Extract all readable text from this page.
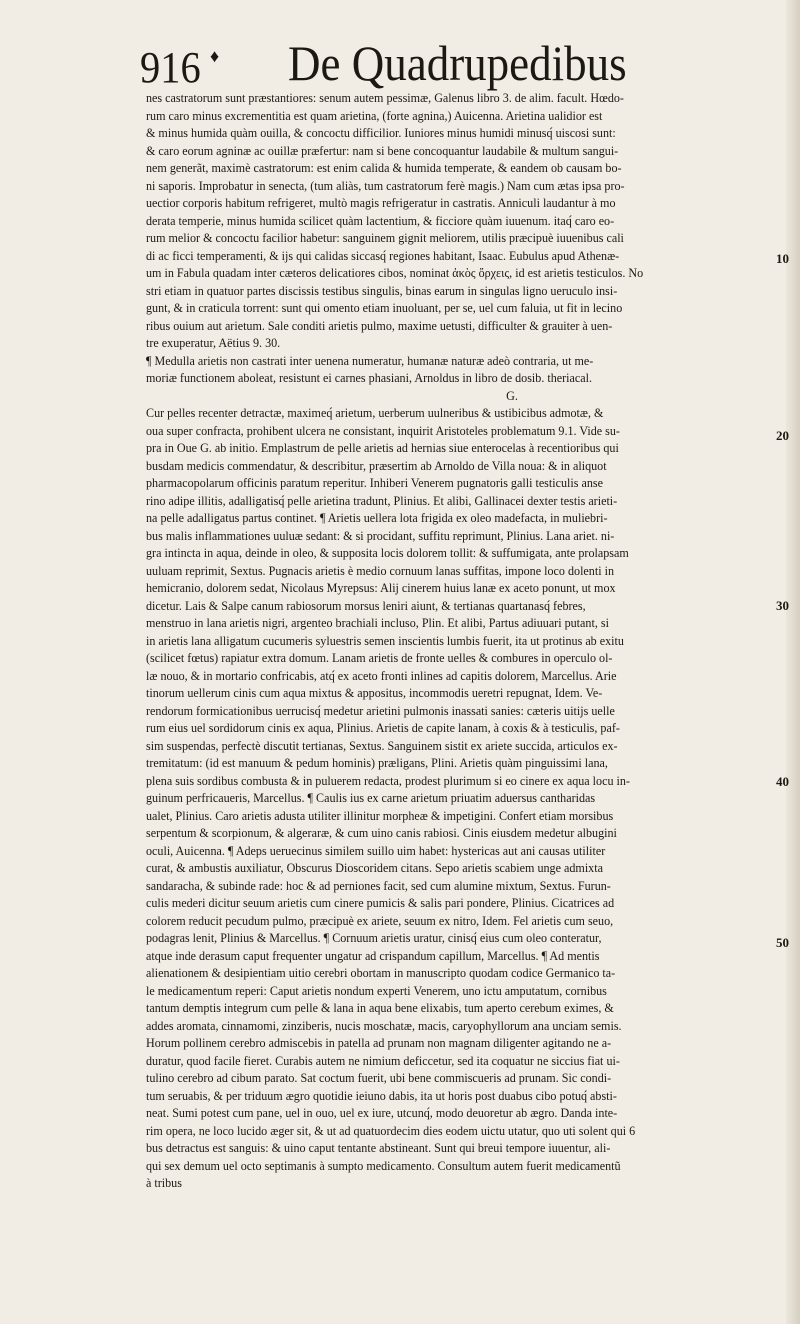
916 ♦ De Quadrupedibus
nes castratorum sunt præstantiores: senum autem pessimæ, Galenus libro 3. de alim. facult. Hœdo-
rum caro minus excrementitia est quam arietina, (forte agnina,) Auicenna. Arietina ualidior est
& minus humida quàm ouilla, & concoctu difficilior. Iuniores minus humidi minusq́ uiscosi sunt:
& caro eorum agninæ ac ouillæ præfertur: nam si bene concoquantur laudabile & multum sangui-
nem generãt, maximè castratorum: est enim calida & humida temperate, & eandem ob causam bo-
ni saporis. Improbatur in senecta, (tum aliàs, tum castratorum ferè magis.) Nam cum ætas ipsa pro-
uectior corporis habitum refrigeret, multò magis refrigeratur in castratis. Anniculi laudantur à mo
derata temperie, minus humida scilicet quàm lactentium, & ficciore quàm iuuenum. itaq́ caro eo-
rum melior & concoctu facilior habetur: sanguinem gignit meliorem, utilis præcipuè iuuenibus cali
di ac ficci temperamenti, & ijs qui calidas siccasq́ regiones habitant, Isaac. Eubulus apud Athenæ-
um in Fabula quadam inter cæteros delicatiores cibos, nominat ἀκὸς ὄρχεις, id est arietis testiculos. No
stri etiam in quatuor partes discissis testibus singulis, binas earum in singulas ligno ueruculo insi-
gunt, & in craticula torrent: sunt qui omento etiam inuoluant, per se, uel cum faluia, ut fit in lecino
ribus ouium aut arietum. Sale conditi arietis pulmo, maxime uetusti, difficulter & grauiter à uen-
tre exuperatur, Aëtius 9. 30.
¶ Medulla arietis non castrati inter uenena numeratur, humanæ naturæ adeò contraria, ut me-
moriæ functionem aboleat, resistunt ei carnes phasiani, Arnoldus in libro de dosib. theriacal.
G.
Cur pelles recenter detractæ, maximeq́ arietum, uerberum uulneribus & ustibicibus admotæ, &
oua super confracta, prohibent ulcera ne consistant, inquirit Aristoteles problematum 9.1. Vide su-
pra in Oue G. ab initio. Emplastrum de pelle arietis ad hernias siue enterocelas à recentioribus qui
busdam medicis commendatur, & describitur, præsertim ab Arnoldo de Villa noua: & in aliquot
pharmacopolarum officinis paratum reperitur. Inhiberi Venerem pugnatoris galli testiculis anse
rino adipe illitis, adalligatisq́ pelle arietina tradunt, Plinius. Et alibi, Gallinacei dexter testis arieti-
na pelle adalligatus partus continet. ¶ Arietis uellera lota frigida ex oleo madefacta, in muliebri-
bus malis inflammationes uuluæ sedant: & si procidant, suffitu reprimunt, Plinius. Lana ariet. ni-
gra intincta in aqua, deinde in oleo, & supposita locis dolorem tollit: & suffumigata, ante prolapsam
uuluam reprimit, Sextus. Pugnacis arietis è medio cornuum lanas suffitas, impone loco dolenti in
hemicranio, dolorem sedat, Nicolaus Myrepsus: Alij cinerem huius lanæ ex aceto ponunt, ut mox
dicetur. Lais & Salpe canum rabiosorum morsus leniri aiunt, & tertianas quartanasq́ febres,
menstruo in lana arietis nigri, argenteo brachiali incluso, Plin. Et alibi, Partus adiuuari putant, si
in arietis lana alligatum cucumeris syluestris semen inscientis lumbis fuerit, ita ut protinus ab exitu
(scilicet fœtus) rapiatur extra domum. Lanam arietis de fronte uelles & combures in operculo ol-
læ nouo, & in mortario confricabis, atq́ ex aceto fronti inlines ad capitis dolorem, Marcellus. Arie
tinorum uellerum cinis cum aqua mixtus & appositus, incommodis ueretri repugnat, Idem. Ve-
rendorum formicationibus uerrucisq́ medetur arietini pulmonis inassati sanies: cæteris uitijs uelle
rum eius uel sordidorum cinis ex aqua, Plinius. Arietis de capite lanam, à coxis & à testiculis, paf-
sim suspendas, perfectè discutit tertianas, Sextus. Sanguinem sistit ex ariete succida, articulos ex-
tremitatum: (id est manuum & pedum hominis) præligans, Plini. Arietis quàm pinguissimi lana,
plena suis sordibus combusta & in puluerem redacta, prodest plurimum si eo cinere ex aqua locu in-
guinum perfricaueris, Marcellus. ¶ Caulis ius ex carne arietum priuatim aduersus cantharidas
ualet, Plinius. Caro arietis adusta utiliter illinitur morpheæ & impetigini. Confert etiam morsibus
serpentum & scorpionum, & algeraræ, & cum uino canis rabiosi. Cinis eiusdem medetur albugini
oculi, Auicenna. ¶ Adeps ueruecinus similem suillo uim habet: hystericas aut ani causas utiliter
curat, & ambustis auxiliatur, Obscurus Dioscoridem citans. Sepo arietis scabiem unge admixta
sandaracha, & subinde rade: hoc & ad perniones facit, sed cum alumine mixtum, Sextus. Furun-
culis mederi dicitur seuum arietis cum cinere pumicis & salis pari pondere, Plinius. Cicatrices ad
colorem reducit pecudum pulmo, præcipuè ex ariete, seuum ex nitro, Idem. Fel arietis cum seuo,
podagras lenit, Plinius & Marcellus. ¶ Cornuum arietis uratur, cinisq́ eius cum oleo conteratur,
atque inde derasum caput frequenter ungatur ad crispandum capillum, Marcellus. ¶ Ad mentis
alienationem & desipientiam uitio cerebri obortam in manuscripto quodam codice Germanico ta-
le medicamentum reperi: Caput arietis nondum experti Venerem, uno ictu amputatum, cornibus
tantum demptis integrum cum pelle & lana in aqua bene elixabis, tum aperto cerebum eximes, &
addes aromata, cinnamomi, zinziberis, nucis moschatæ, macis, caryophyllorum ana unciam semis.
Horum pollinem cerebro admiscebis in patella ad prunam non magnam diligenter agitando ne a-
duratur, quod facile fieret. Curabis autem ne nimium deficcetur, sed ita coquatur ne siccius fiat ui-
tulino cerebro ad cibum parato. Sat coctum fuerit, ubi bene commiscueris ad prunam. Sic condi-
tum seruabis, & per triduum ægro quotidie ieiuno dabis, ita ut horis post duabus cibo potuq́ absti-
neat. Sumi potest cum pane, uel in ouo, uel ex iure, utcunq́, modo deuoretur ab ægro. Danda inte-
rim opera, ne loco lucido æger sit, & ut ad quatuordecim dies eodem uictu utatur, quo uti solent qui 6
bus detractus est sanguis: & uino caput tentante abstineant. Sunt qui breui tempore iuuentur, ali-
qui sex demum uel octo septimanis à sumpto medicamento. Consultum autem fuerit medicamentũ
à tribus
10
20
30
40
50
